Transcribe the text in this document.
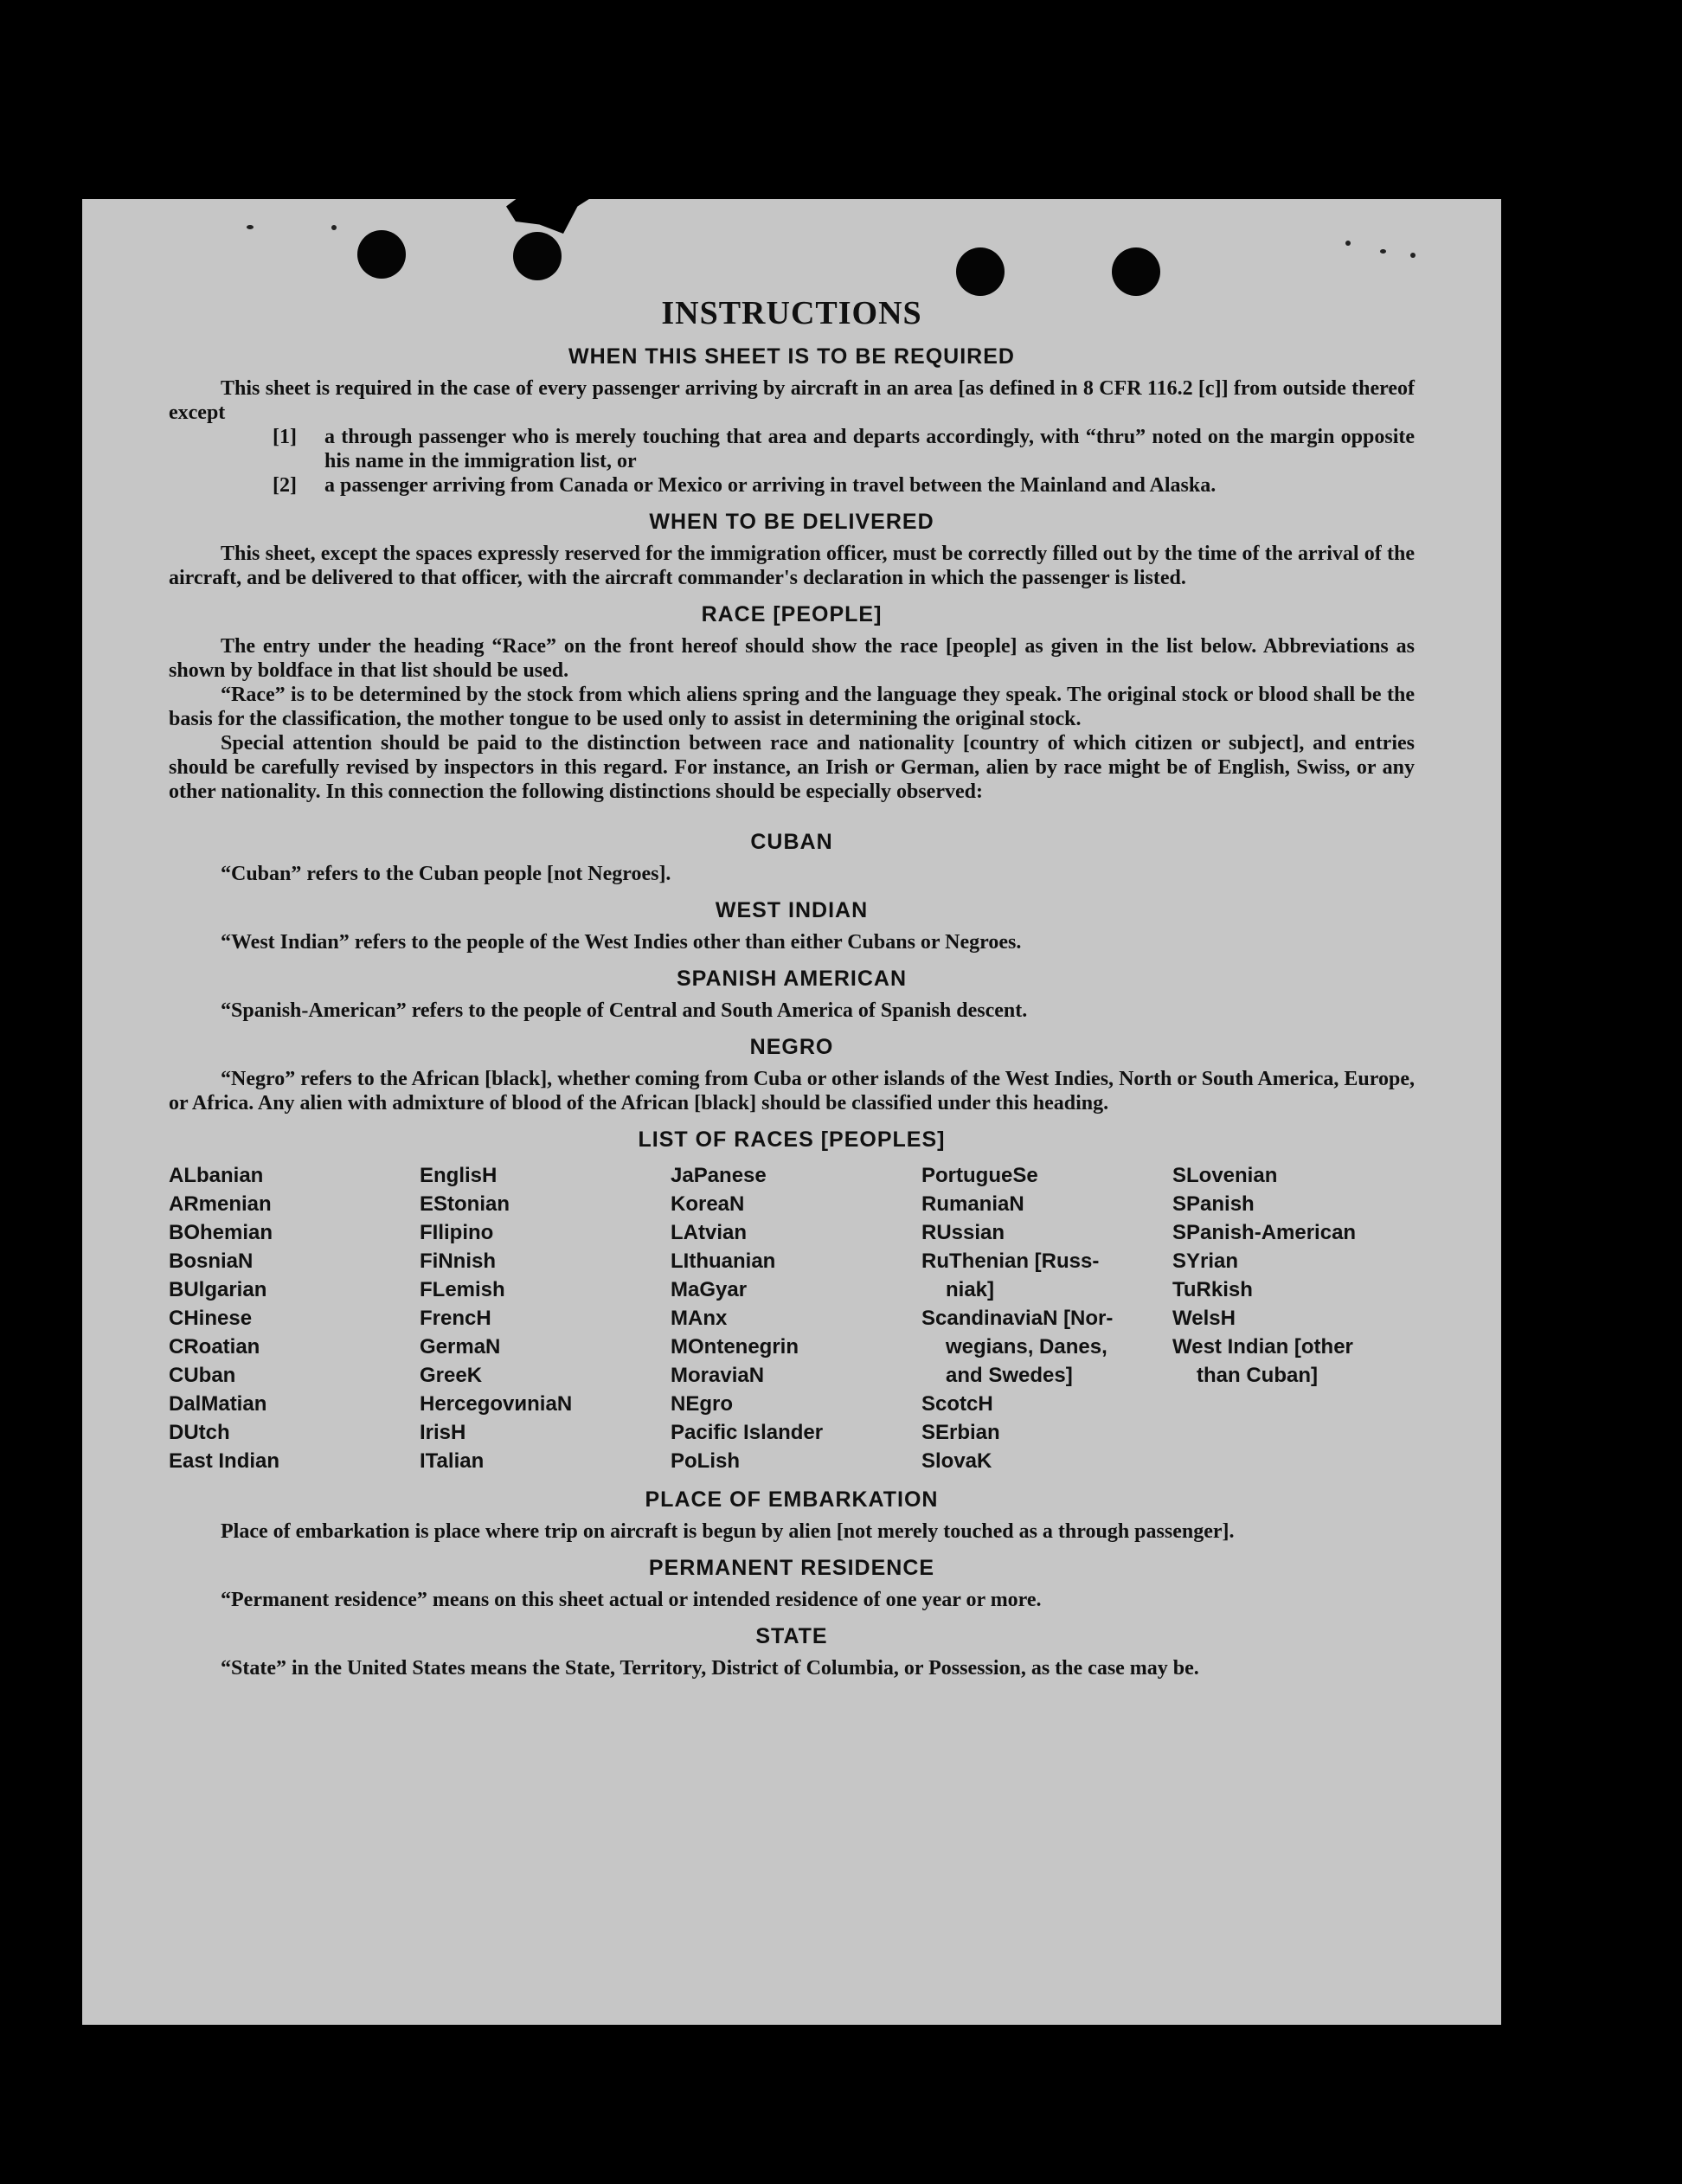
INSTRUCTIONS
WHEN THIS SHEET IS TO BE REQUIRED

This sheet is required in the case of every passenger arriving by aircraft in an area [as defined in 8 CFR 116.2 [c]] from outside thereof except

[1]	a through passenger who is merely touching that area and departs accordingly, with “thru” noted on the margin opposite his name in the immigration list, or
[2]	a passenger arriving from Canada or Mexico or arriving in travel between the Mainland and Alaska.
WHEN TO BE DELIVERED

This sheet, except the spaces expressly reserved for the immigration officer, must be correctly filled out by the time of the arrival of the aircraft, and be delivered to that officer, with the aircraft commander's declaration in which the passenger is listed.

RACE [PEOPLE]

The entry under the heading “Race” on the front hereof should show the race [people] as given in the list below. Abbreviations as shown by boldface in that list should be used.

“Race” is to be determined by the stock from which aliens spring and the language they speak. The original stock or blood shall be the basis for the classification, the mother tongue to be used only to assist in determining the original stock.

Special attention should be paid to the distinction between race and nationality [country of which citizen or subject], and entries should be carefully revised by inspectors in this regard. For instance, an Irish or German, alien by race might be of English, Swiss, or any other nationality. In this connection the following distinctions should be especially observed:

CUBAN

“Cuban” refers to the Cuban people [not Negroes].

WEST INDIAN

“West Indian” refers to the people of the West Indies other than either Cubans or Negroes.

SPANISH AMERICAN

“Spanish-American” refers to the people of Central and South America of Spanish descent.

NEGRO

“Negro” refers to the African [black], whether coming from Cuba or other islands of the West Indies, North or South America, Europe, or Africa. Any alien with admixture of blood of the African [black] should be classified under this heading.

LIST OF RACES [PEOPLES]
ALbanian
ARmenian
BOhemian
BosniaN
BUlgarian
CHinese
CRoatian
CUban
DalMatian
DUtch
East Indian
EnglisH
EStonian
FIlipino
FiNnish
FLemish
FrencH
GermaN
GreeK
HercegovиniaN
IrisH
ITalian
JaPanese
KoreaN
LAtvian
LIthuanian
MaGyar
MAnx
MOntenegrin
MoraviaN
NEgro
Pacific Islander
PoLish
PortugueSe
RumaniaN
RUssian
RuThenian [Russ-
niak]
ScandinaviaN [Nor-
wegians, Danes,
and Swedes]
ScotcH
SErbian
SlovaK
SLovenian
SPanish
SPanish-American
SYrian
TuRkish
WelsH
West Indian [other
than Cuban]
PLACE OF EMBARKATION

Place of embarkation is place where trip on aircraft is begun by alien [not merely touched as a through passenger].

PERMANENT RESIDENCE

“Permanent residence” means on this sheet actual or intended residence of one year or more.

STATE

“State” in the United States means the State, Territory, District of Columbia, or Possession, as the case may be.
